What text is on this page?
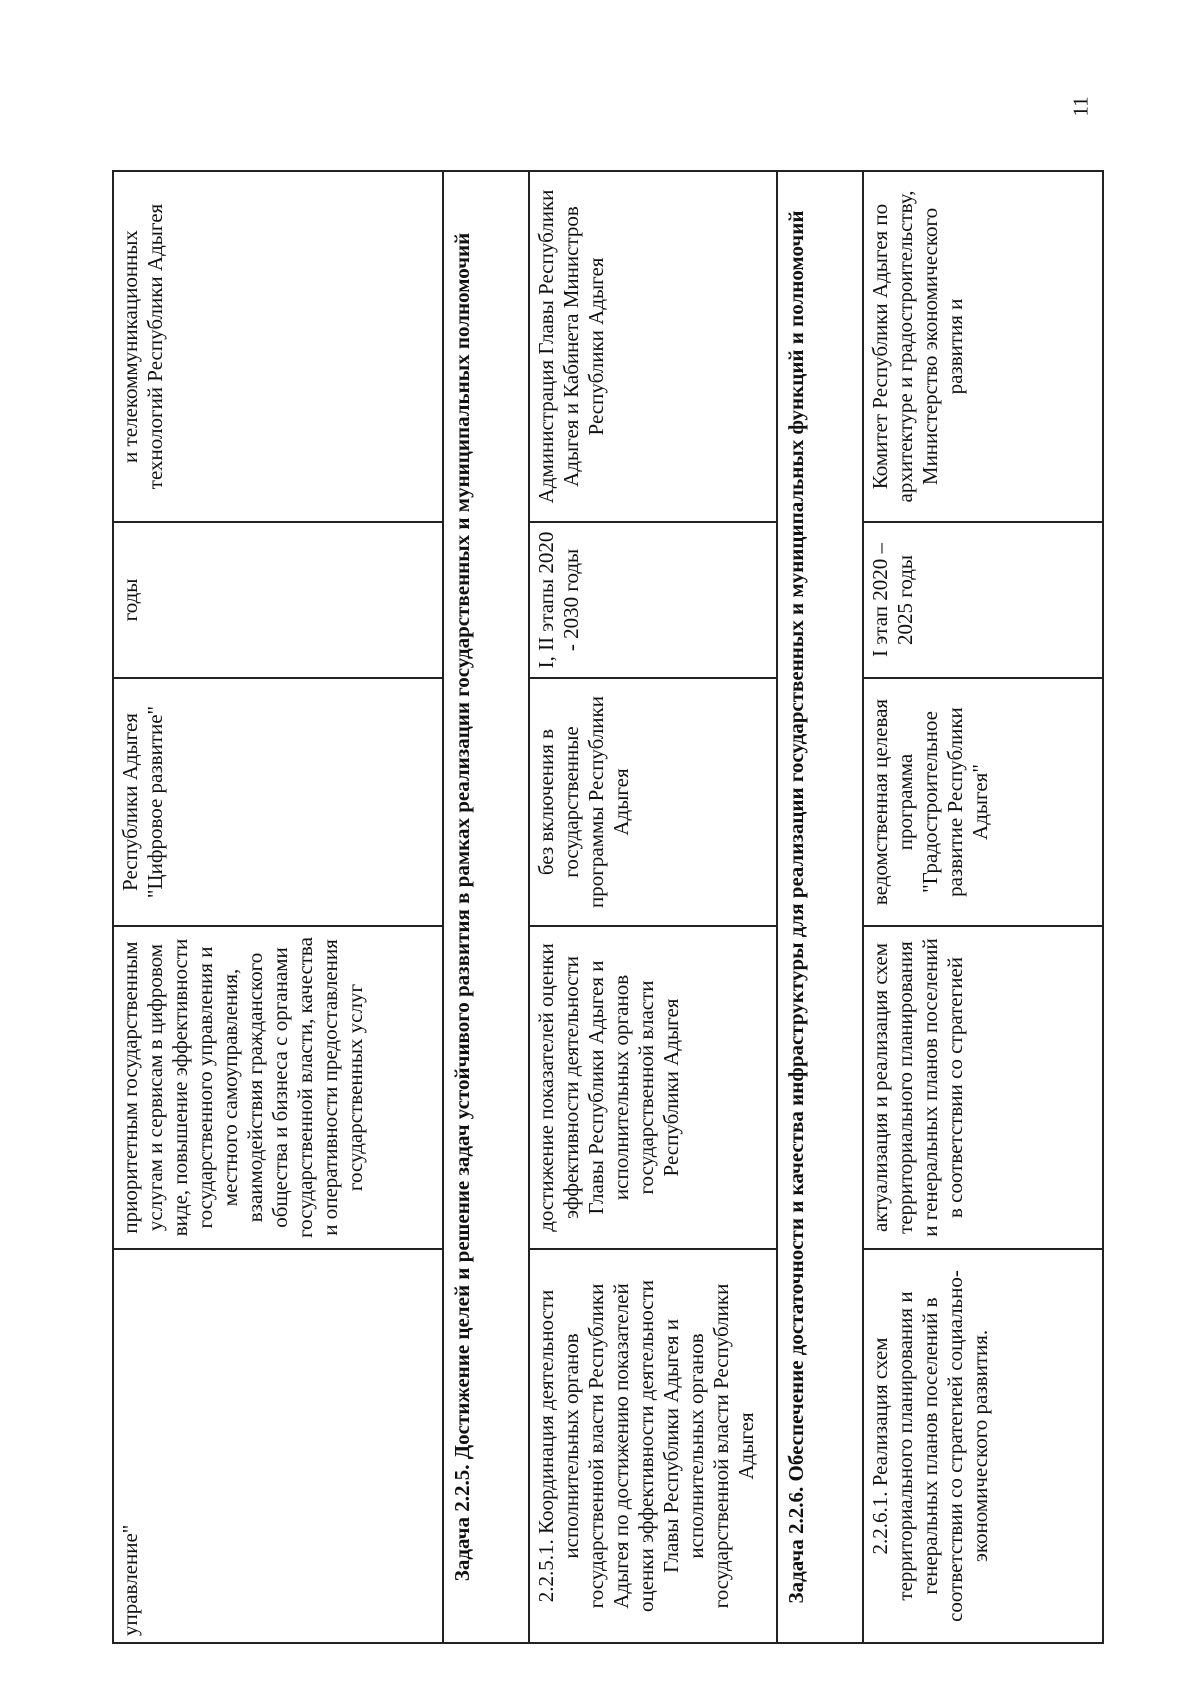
11
управление"	приоритетным государственным услугам и сервисам в цифровом виде, повышение эффективности государственного управления и местного самоуправления, взаимодействия гражданского общества и бизнеса с органами государственной власти, качества и оперативности предоставления государственных услуг	Республики Адыгея "Цифровое развитие"	годы	и телекоммуникационных технологий Республики Адыгея
Задача 2.2.5. Достижение целей и решение задач устойчивого развития в рамках реализации государственных и муниципальных полномочий				
2.2.5.1. Координация деятельности исполнительных органов государственной власти Республики Адыгея по достижению показателей оценки эффективности деятельности Главы Республики Адыгея и исполнительных органов государственной власти Республики Адыгея	достижение показателей оценки эффективности деятельности Главы Республики Адыгея и исполнительных органов государственной власти Республики Адыгея	без включения в государственные программы Республики Адыгея	I, II этапы 2020 - 2030 годы	Администрация Главы Республики Адыгея и Кабинета Министров Республики Адыгея
Задача 2.2.6. Обеспечение достаточности и качества инфраструктуры для реализации государственных и муниципальных функций и полномочий				

2.2.6.1. Реализация схем территориального планирования и генеральных планов поселений в соответствии со стратегией социально-экономического развития.	актуализация и реализация схем территориального планирования и генеральных планов поселений в соответствии со стратегией	ведомственная целевая программа "Градостроительное развитие Республики Адыгея"	I этап 2020 – 2025 годы	Комитет Республики Адыгея по архитектуре и градостроительству, Министерство экономического развития и
